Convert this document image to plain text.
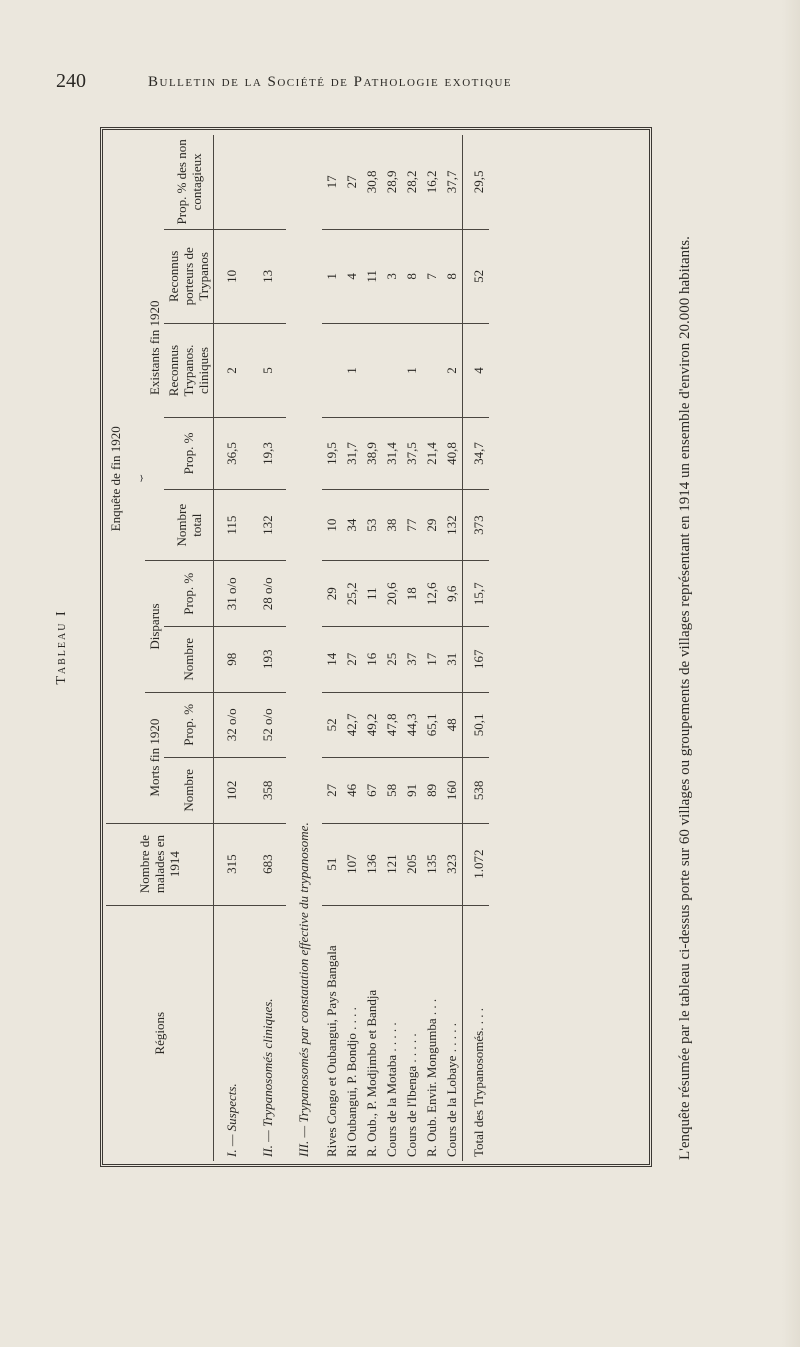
240	Bulletin de la Société de Pathologie exotique
Tableau I
Régions	Nombre de malades en 1914	Enquête de fin 1920								
		⏟								
		Morts fin 1920		Disparus		Existants fin 1920				
		Nombre	Prop. %	Nombre	Prop. %	Nombre total	Prop. %	Reconnus Trypanos. cliniques	Reconnus porteurs de Trypanos	Prop. % des non contagieux
I. — Suspects.	315	102	32 o/o	98	31 o/o	115	36,5	2	10	
II. — Trypanosomés cliniques.	683	358	52 o/o	193	28 o/o	132	19,3	5	13	
III. — Trypanosomés par constatation effective du trypanosome.										
Rives Congo et Oubangui, Pays Bangala	51	27	52	14	29	10	19,5		1	17
Ri Oubangui, P. Bondjo . . . .	107	46	42,7	27	25,2	34	31,7	1	4	27
R. Oub., P. Modjimbo et Bandja	136	67	49,2	16	11	53	38,9		11	30,8
Cours de la Motaba . . . . .	121	58	47,8	25	20,6	38	31,4		3	28,9
Cours de l'Ibenga . . . . .	205	91	44,3	37	18	77	37,5	1	8	28,2
R. Oub. Envir. Mongumba . . .	135	89	65,1	17	12,6	29	21,4		7	16,2
Cours de la Lobaye . . . . .	323	160	48	31	9,6	132	40,8	2	8	37,7
Total des Trypanosomés. . . .	1.072	538	50,1	167	15,7	373	34,7	4	52	29,5
L'enquête résumée par le tableau ci-dessus porte sur 60 villages ou groupements de villages représentant en 1914 un ensemble d'environ 20.000 habitants.
